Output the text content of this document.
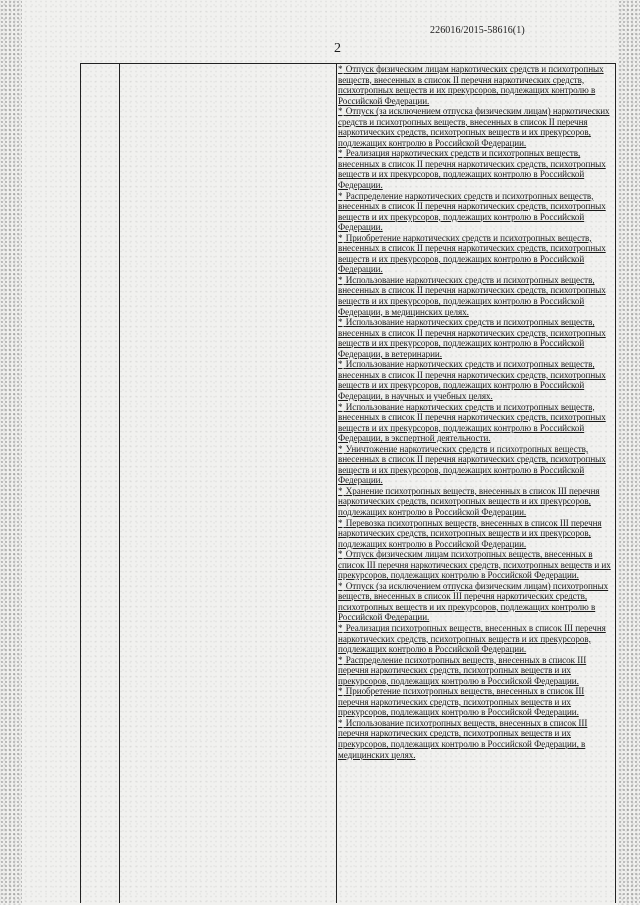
226016/2015-58616(1)
2

* Отпуск физическим лицам наркотических средств и психотропных веществ, внесенных в список II перечня наркотических средств, психотропных веществ и их прекурсоров, подлежащих контролю в Российской Федерации.

* Отпуск (за исключением отпуска физическим лицам) наркотических средств и психотропных веществ, внесенных в список II перечня наркотических средств, психотропных веществ и их прекурсоров, подлежащих контролю в Российской Федерации.

* Реализация наркотических средств и психотропных веществ, внесенных в список II перечня наркотических средств, психотропных веществ и их прекурсоров, подлежащих контролю в Российской Федерации.

* Распределение наркотических средств и психотропных веществ, внесенных в список II перечня наркотических средств, психотропных веществ и их прекурсоров, подлежащих контролю в Российской Федерации.

* Приобретение наркотических средств и психотропных веществ, внесенных в список II перечня наркотических средств, психотропных веществ и их прекурсоров, подлежащих контролю в Российской Федерации.

* Использование наркотических средств и психотропных веществ, внесенных в список II перечня наркотических средств, психотропных веществ и их прекурсоров, подлежащих контролю в Российской Федерации, в медицинских целях.

* Использование наркотических средств и психотропных веществ, внесенных в список II перечня наркотических средств, психотропных веществ и их прекурсоров, подлежащих контролю в Российской Федерации, в ветеринарии.

* Использование наркотических средств и психотропных веществ, внесенных в список II перечня наркотических средств, психотропных веществ и их прекурсоров, подлежащих контролю в Российской Федерации, в научных и учебных целях.

* Использование наркотических средств и психотропных веществ, внесенных в список II перечня наркотических средств, психотропных веществ и их прекурсоров, подлежащих контролю в Российской Федерации, в экспертной деятельности.

* Уничтожение наркотических средств и психотропных веществ, внесенных в список II перечня наркотических средств, психотропных веществ и их прекурсоров, подлежащих контролю в Российской Федерации.

* Хранение психотропных веществ, внесенных в список III перечня наркотических средств, психотропных веществ и их прекурсоров, подлежащих контролю в Российской Федерации.

* Перевозка психотропных веществ, внесенных в список III перечня наркотических средств, психотропных веществ и их прекурсоров, подлежащих контролю в Российской Федерации.

* Отпуск физическим лицам психотропных веществ, внесенных в список III перечня наркотических средств, психотропных веществ и их прекурсоров, подлежащих контролю в Российской Федерации.

* Отпуск (за исключением отпуска физическим лицам) психотропных веществ, внесенных в список III перечня наркотических средств, психотропных веществ и их прекурсоров, подлежащих контролю в Российской Федерации.

* Реализация психотропных веществ, внесенных в список III перечня наркотических средств, психотропных веществ и их прекурсоров, подлежащих контролю в Российской Федерации.

* Распределение психотропных веществ, внесенных в список III перечня наркотических средств, психотропных веществ и их прекурсоров, подлежащих контролю в Российской Федерации.

* Приобретение психотропных веществ, внесенных в список III перечня наркотических средств, психотропных веществ и их прекурсоров, подлежащих контролю в Российской Федерации.

* Использование психотропных веществ, внесенных в список III перечня наркотических средств, психотропных веществ и их прекурсоров, подлежащих контролю в Российской Федерации, в медицинских целях.
